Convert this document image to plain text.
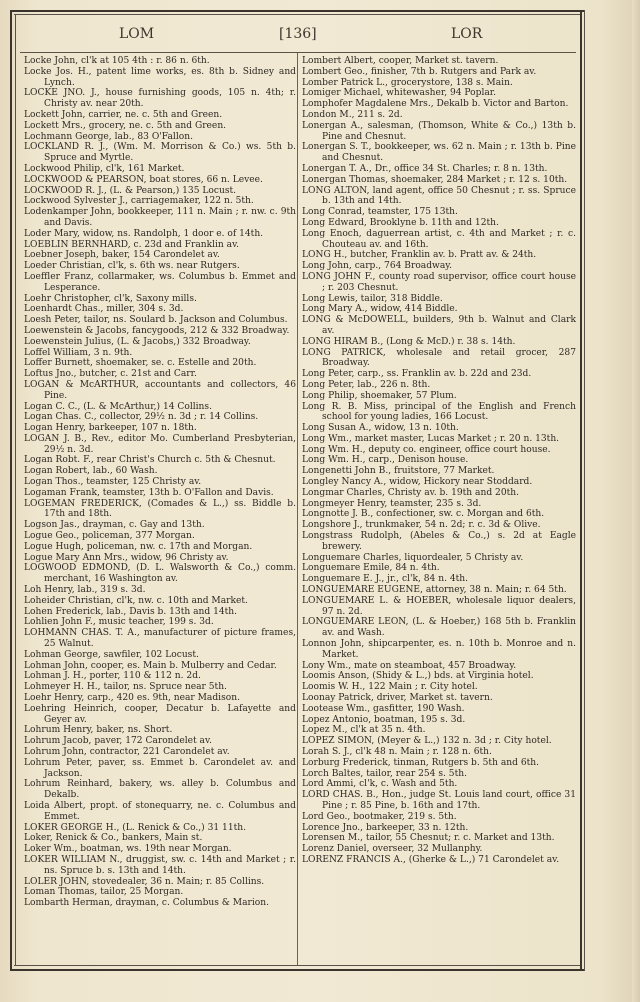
LOM	[136]	LOR

Locke John, cl'k at 105 4th : r. 86 n. 6th.

Locke Jos. H., patent lime works, es. 8th b. Sidney and Lynch.

LOCKE JNO. J., house furnishing goods, 105 n. 4th; r. Christy av. near 20th.

Lockett John, carrier, ne. c. 5th and Green.

Lockett Mrs., grocery, ne. c. 5th and Green.

Lochmann George, lab., 83 O'Fallon.

LOCKLAND R. J., (Wm. M. Morrison & Co.) ws. 5th b. Spruce and Myrtle.

Lockwood Philip, cl'k, 161 Market.

LOCKWOOD & PEARSON, boat stores, 66 n. Levee.

LOCKWOOD R. J., (L. & Pearson,) 135 Locust.

Lockwood Sylvester J., carriagemaker, 122 n. 5th.

Lodenkamper John, bookkeeper, 111 n. Main ; r. nw. c. 9th and Davis.

Loder Mary, widow, ns. Randolph, 1 door e. of 14th.

LOEBLIN BERNHARD, c. 23d and Franklin av.

Loebner Joseph, baker, 154 Carondelet av.

Loeder Christian, cl'k, s. 6th ws. near Rutgers.

Loeffler Franz, collarmaker, ws. Columbus b. Emmet and Lesperance.

Loehr Christopher, cl'k, Saxony mills.

Loenhardt Chas., miller, 304 s. 3d.

Loesh Peter, tailor, ns. Soulard b. Jackson and Columbus.

Loewenstein & Jacobs, fancygoods, 212 & 332 Broadway.

Loewenstein Julius, (L. & Jacobs,) 332 Broadway.

Loffel William, 3 n. 9th.

Loffer Burnett, shoemaker, se. c. Estelle and 20th.

Loftus Jno., butcher, c. 21st and Carr.

LOGAN & McARTHUR, accountants and collectors, 46 Pine.

Logan C. C., (L. & McArthur,) 14 Collins.

Logan Chas. C., collector, 29½ n. 3d ; r. 14 Collins.

Logan Henry, barkeeper, 107 n. 18th.

LOGAN J. B., Rev., editor Mo. Cumberland Presbyterian, 29½ n. 3d.

Logan Robt. F., rear Christ's Church c. 5th & Chesnut.

Logan Robert, lab., 60 Wash.

Logan Thos., teamster, 125 Christy av.

Logaman Frank, teamster, 13th b. O'Fallon and Davis.

LOGEMAN FREDERICK, (Comades & L.,) ss. Biddle b. 17th and 18th.

Logson Jas., drayman, c. Gay and 13th.

Logue Geo., policeman, 377 Morgan.

Logue Hugh, policeman, nw. c. 17th and Morgan.

Logue Mary Ann Mrs., widow, 96 Christy av.

LOGWOOD EDMOND, (D. L. Walsworth & Co.,) comm. merchant, 16 Washington av.

Loh Henry, lab., 319 s. 3d.

Loheider Christian, cl'k, nw. c. 10th and Market.

Lohen Frederick, lab., Davis b. 13th and 14th.

Lohlien John F., music teacher, 199 s. 3d.

LOHMANN CHAS. T. A., manufacturer of picture frames, 25 Walnut.

Lohman George, sawfiler, 102 Locust.

Lohman John, cooper, es. Main b. Mulberry and Cedar.

Lohman J. H., porter, 110 & 112 n. 2d.

Lohmeyer H. H., tailor, ns. Spruce near 5th.

Loehr Henry, carp., 420 es. 9th, near Madison.

Loehring Heinrich, cooper, Decatur b. Lafayette and Geyer av.

Lohrum Henry, baker, ns. Short.

Lohrum Jacob, paver, 172 Carondelet av.

Lohrum John, contractor, 221 Carondelet av.

Lohrum Peter, paver, ss. Emmet b. Carondelet av. and Jackson.

Lohrum Reinhard, bakery, ws. alley b. Columbus and Dekalb.

Loida Albert, propt. of stonequarry, ne. c. Columbus and Emmet.

LOKER GEORGE H., (L. Renick & Co.,) 31 11th.

Loker, Renick & Co., bankers, Main st.

Loker Wm., boatman, ws. 19th near Morgan.

LOKER WILLIAM N., druggist, sw. c. 14th and Market ; r. ns. Spruce b. s. 13th and 14th.

LOLER JOHN, stovedealer, 36 n. Main; r. 85 Collins.

Loman Thomas, tailor, 25 Morgan.

Lombarth Herman, drayman, c. Columbus & Marion.

Lombert Albert, cooper, Market st. tavern.

Lombert Geo., finisher, 7th b. Rutgers and Park av.

Lomber Patrick L., grocerystore, 138 s. Main.

Lomiger Michael, whitewasher, 94 Poplar.

Lomphofer Magdalene Mrs., Dekalb b. Victor and Barton.

London M., 211 s. 2d.

Lonergan A., salesman, (Thomson, White & Co.,) 13th b. Pine and Chesnut.

Lonergan S. T., bookkeeper, ws. 62 n. Main ; r. 13th b. Pine and Chesnut.

Lonergan T. A., Dr., office 34 St. Charles; r. 8 n. 13th.

Lonergan Thomas, shoemaker, 284 Market ; r. 12 s. 10th.

LONG ALTON, land agent, office 50 Chesnut ; r. ss. Spruce b. 13th and 14th.

Long Conrad, teamster, 175 13th.

Long Edward, Brooklyne b. 11th and 12th.

Long Enoch, daguerrean artist, c. 4th and Market ; r. c. Chouteau av. and 16th.

LONG H., butcher, Franklin av. b. Pratt av. & 24th.

Long John, carp., 764 Broadway.

LONG JOHN F., county road supervisor, office court house ; r. 203 Chesnut.

Long Lewis, tailor, 318 Biddle.

Long Mary A., widow, 414 Biddle.

LONG & McDOWELL, builders, 9th b. Walnut and Clark av.

LONG HIRAM B., (Long & McD.) r. 38 s. 14th.

LONG PATRICK, wholesale and retail grocer, 287 Broadway.

Long Peter, carp., ss. Franklin av. b. 22d and 23d.

Long Peter, lab., 226 n. 8th.

Long Philip, shoemaker, 57 Plum.

Long R. B. Miss, principal of the English and French school for young ladies, 166 Locust.

Long Susan A., widow, 13 n. 10th.

Long Wm., market master, Lucas Market ; r. 20 n. 13th.

Long Wm. H., deputy co. engineer, office court house.

Long Wm. H., carp., Denison house.

Longenetti John B., fruitstore, 77 Market.

Longley Nancy A., widow, Hickory near Stoddard.

Longmar Charles, Christy av. b. 19th and 20th.

Longmeyer Henry, teamster, 235 s. 3d.

Longnotte J. B., confectioner, sw. c. Morgan and 6th.

Longshore J., trunkmaker, 54 n. 2d; r. c. 3d & Olive.

Longstrass Rudolph, (Abeles & Co.,) s. 2d at Eagle brewery.

Longuemare Charles, liquordealer, 5 Christy av.

Longuemare Emile, 84 n. 4th.

Longuemare E. J., jr., cl'k, 84 n. 4th.

LONGUEMARE EUGENE, attorney, 38 n. Main; r. 64 5th.

LONGUEMARE L. & HOEBER, wholesale liquor dealers, 97 n. 2d.

LONGUEMARE LEON, (L. & Hoeber,) 168 5th b. Franklin av. and Wash.

Lonnon John, shipcarpenter, es. n. 10th b. Monroe and n. Market.

Lony Wm., mate on steamboat, 457 Broadway.

Loomis Anson, (Shidy & L.,) bds. at Virginia hotel.

Loomis W. H., 122 Main ; r. City hotel.

Loonay Patrick, driver, Market st. tavern.

Lootease Wm., gasfitter, 190 Wash.

Lopez Antonio, boatman, 195 s. 3d.

Lopez M., cl'k at 35 n. 4th.

LOPEZ SIMON, (Meyer & L.,) 132 n. 3d ; r. City hotel.

Lorah S. J., cl'k 48 n. Main ; r. 128 n. 6th.

Lorburg Frederick, tinman, Rutgers b. 5th and 6th.

Lorch Baltes, tailor, rear 254 s. 5th.

Lord Ammi, cl'k, c. Wash and 5th.

LORD CHAS. B., Hon., judge St. Louis land court, office 31 Pine ; r. 85 Pine, b. 16th and 17th.

Lord Geo., bootmaker, 219 s. 5th.

Lorence Jno., barkeeper, 33 n. 12th.

Lorensen M., tailor, 55 Chesnut; r. c. Market and 13th.

Lorenz Daniel, overseer, 32 Mullanphy.

LORENZ FRANCIS A., (Gherke & L.,) 71 Carondelet av.
